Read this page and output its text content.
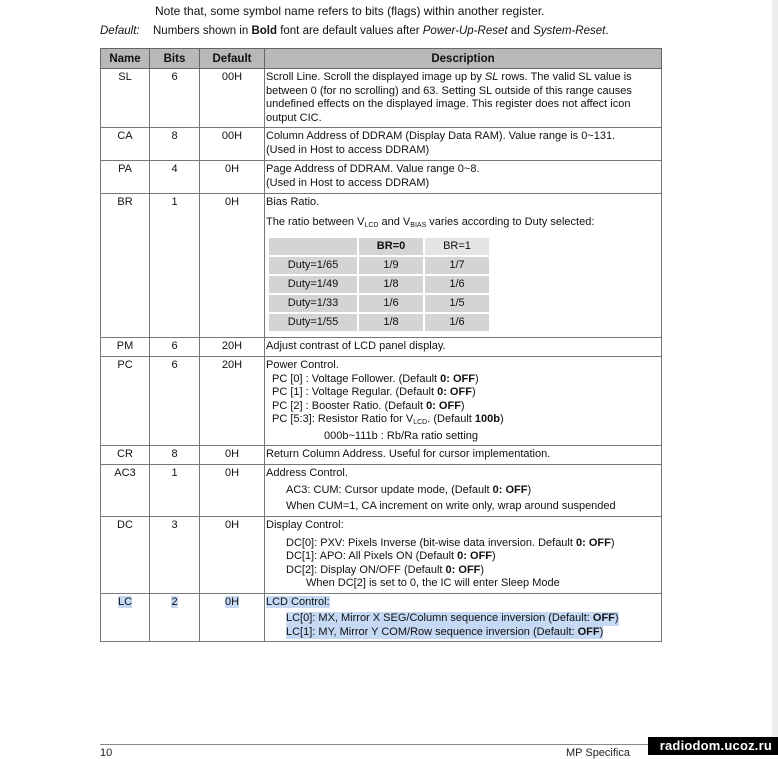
Note that, some symbol name refers to bits (flags) within another register.
Default: Numbers shown in Bold font are default values after Power-Up-Reset and System-Reset.
Name	Bits	Default	Description
SL	6	00H	Scroll Line. Scroll the displayed image up by SL rows. The valid SL value is
between 0 (for no scrolling) and 63. Setting SL outside of this range causes
undefined effects on the displayed image. This register does not affect icon
output CIC.

CA	8	00H	Column Address of DDRAM (Display Data RAM). Value range is 0~131.
(Used in Host to access DDRAM)

PA	4	0H	Page Address of DDRAM. Value range 0~8.
(Used in Host to access DDRAM)

BR	1	0H	Bias Ratio.
The ratio between $V_{LCD}$ and $V_{BIAS}$ varies according to Duty selected:
	BR=0	BR=1
Duty=1/65	1/9	1/7
Duty=1/49	1/8	1/6
Duty=1/33	1/6	1/5
Duty=1/55	1/8	1/6

PM	6	20H	Adjust contrast of LCD panel display.
PC	6	20H	Power Control.
PC [0] : Voltage Follower. (Default 0: OFF)
PC [1] : Voltage Regular. (Default 0: OFF)
PC [2] : Booster Ratio. (Default 0: OFF)
PC [5:3]: Resistor Ratio for $V_{LCD}$. (Default 100b)
000b~111b : Rb/Ra ratio setting

CR	8	0H	Return Column Address. Useful for cursor implementation.
AC3	1	0H	Address Control.
AC3: CUM: Cursor update mode, (Default 0: OFF)
When CUM=1, CA increment on write only, wrap around suspended

DC	3	0H	Display Control:
DC[0]: PXV: Pixels Inverse (bit-wise data inversion. Default 0: OFF)
DC[1]: APO: All Pixels ON (Default 0: OFF)
DC[2]: Display ON/OFF (Default 0: OFF)
When DC[2] is set to 0, the IC will enter Sleep Mode

LC	2	0H	LCD Control:
LC[0]: MX, Mirror X SEG/Column sequence inversion (Default: OFF)
LC[1]: MY, Mirror Y COM/Row sequence inversion (Default: OFF)
10	MP Specifica	radiodom.ucoz.ru
